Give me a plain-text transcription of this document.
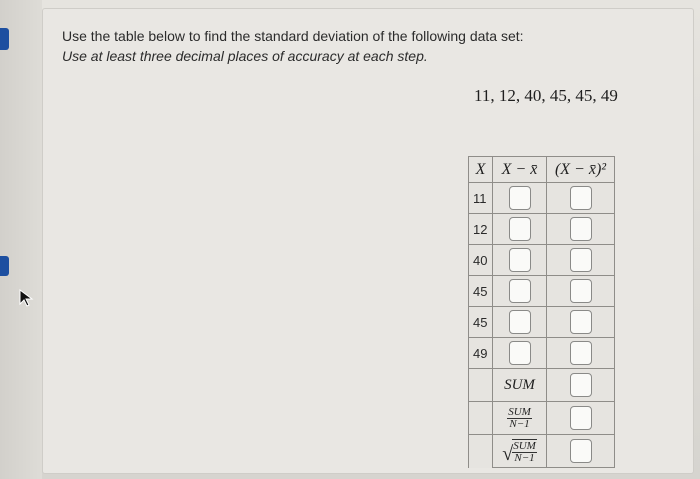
Use the table below to find the standard deviation of the following data set:
Use at least three decimal places of accuracy at each step.
11, 12, 40, 45, 45, 49
X	X − x̄	(X − x̄)²
11		
12		
40		
45		
45		
49		
	SUM	

	$\frac{\text{SUM}}{N-1}$

	√ $\frac{\text{SUM}}{N-1}$
